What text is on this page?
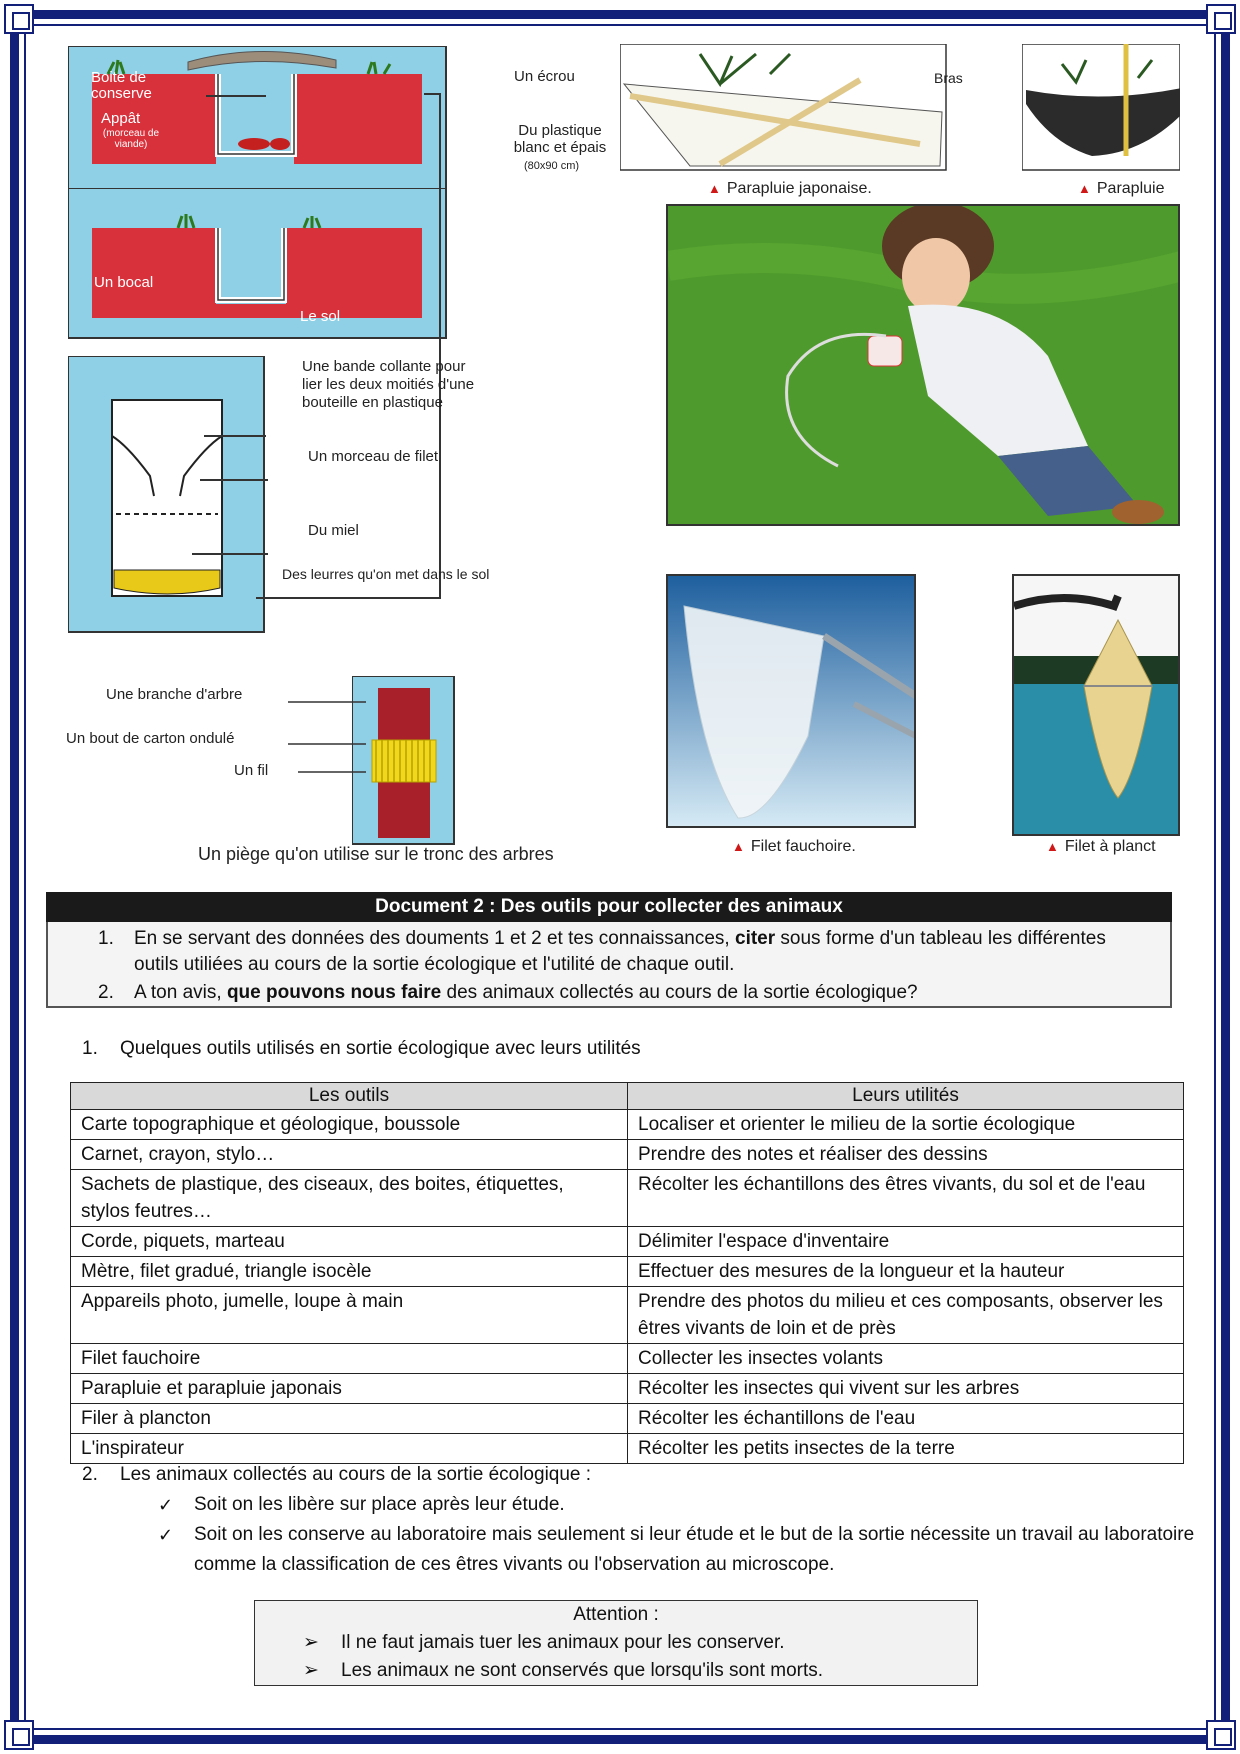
Boite de conserve
Appât
(morceau de viande)
Un bocal
Le sol
Une bande collante pour lier les deux moitiés d'une bouteille en plastique
Un morceau de filet
Du miel
Des leurres qu'on met dans le sol
Une branche d'arbre
Un bout de carton ondulé
Un fil
Un piège qu'on utilise sur le tronc des arbres
Un écrou	Bras
Du plastique blanc et épais
(80x90 cm)
▲ Parapluie japonaise.	▲ Parapluie
▲ Filet fauchoire.	▲ Filet à planct
Document 2 : Des outils pour collecter des animaux
1.	En se servant des données des douments 1 et 2 et tes connaissances, citer sous forme d'un tableau les différentes outils utiliées au cours de la sortie écologique et l'utilité de chaque outil.
2.	A ton avis, que pouvons nous faire des animaux collectés au cours de la sortie écologique?
1. Quelques outils utilisés en sortie écologique avec leurs utilités
Les outils	Leurs utilités
Carte topographique et géologique, boussole	Localiser et orienter le milieu de la sortie écologique
Carnet, crayon, stylo…	Prendre des notes et réaliser des dessins
Sachets de plastique, des ciseaux, des boites, étiquettes, stylos feutres…	Récolter les échantillons des êtres vivants, du sol et de l'eau
Corde, piquets, marteau	Délimiter l'espace d'inventaire
Mètre, filet gradué, triangle isocèle	Effectuer des mesures de la longueur et la hauteur
Appareils photo, jumelle, loupe à main	Prendre des photos du milieu et ces composants, observer les êtres vivants de loin et de près
Filet fauchoire	Collecter les insectes volants
Parapluie et parapluie japonais	Récolter les insectes qui vivent sur les arbres
Filer à plancton	Récolter les échantillons de l'eau
L'inspirateur	Récolter les petits insectes de la terre
2. Les animaux collectés au cours de la sortie écologique :
✓ Soit on les libère sur place après leur étude.
✓ Soit on les conserve au laboratoire mais seulement si leur étude et le but de la sortie nécessite un travail au laboratoire comme la classification de ces êtres vivants ou l'observation au microscope.
Attention :
➢ Il ne faut jamais tuer les animaux pour les conserver.
➢ Les animaux ne sont conservés que lorsqu'ils sont morts.
